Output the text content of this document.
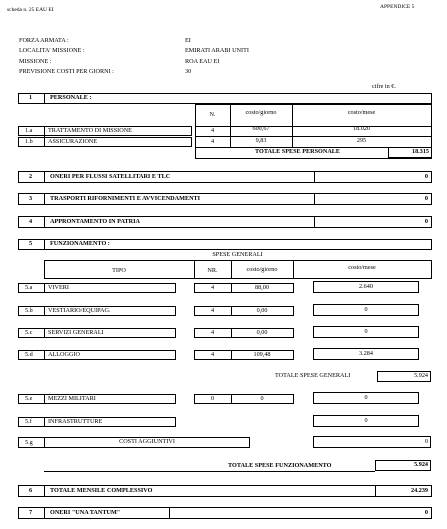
scheda n. 25 EAU EI	APPENDICE 5
FORZA ARMATA :	EI
LOCALITA' MISSIONE :	EMIRATI ARABI UNITI
MISSIONE :	ROA EAU EI
PREVISIONE COSTI PER GIORNI :	30
cifre in €.
1	PERSONALE :
N.	costo/giorno	costo/mese
1.a	TRATTAMENTO DI MISSIONE	4	600,67	18.020
1.b ASSICURAZIONE	4	9,83	295
TOTALE SPESE PERSONALE	18.315
2	ONERI PER FLUSSI SATELLITARI E TLC	0
3	TRASPORTI RIFORNIMENTI E AVVICENDAMENTI	0
4	APPRONTAMENTO IN PATRIA	0
5	FUNZIONAMENTO :
SPESE GENERALI
TIPO	NR.	costo/giorno	costo/mese
5.a	VIVERI	4	88,00	2.640
5.b VESTIARIO/EQUIPAG.	4	0,00	0
5.c	SERVIZI GENERALI	4	0,00	0
5.d ALLOGGIO	4	109,48	3.284
TOTALE SPESE GENERALI	5.924
5.e	MEZZI MILITARI	0	0	0
5.f	INFRASTRUTTURE	0
5.g	COSTI AGGIUNTIVI	0
TOTALE SPESE FUNZIONAMENTO	5.924
6	TOTALE MENSILE COMPLESSIVO	24.239
7	ONERI "UNA TANTUM"	0
